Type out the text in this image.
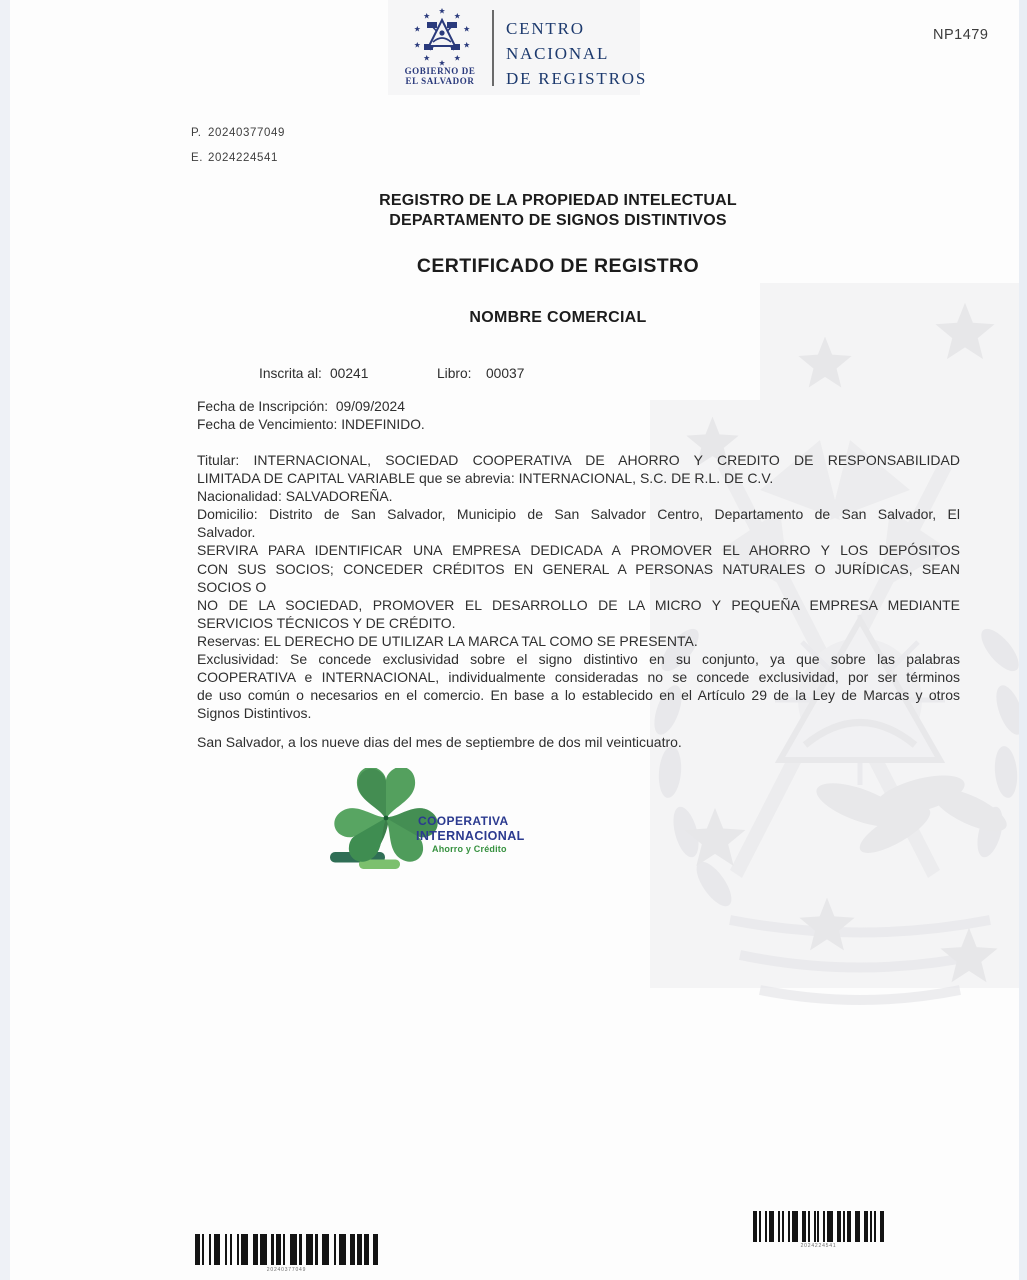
GOBIERNO DE
EL SALVADOR
CENTRO
NACIONAL
DE REGISTROS
NP1479
P. 20240377049
E. 2024224541
REGISTRO DE LA PROPIEDAD INTELECTUAL
DEPARTAMENTO DE SIGNOS DISTINTIVOS
CERTIFICADO DE REGISTRO
NOMBRE COMERCIAL
Inscrita al: 00241	Libro: 00037
Fecha de Inscripción: 09/09/2024
Fecha de Vencimiento: INDEFINIDO.
Titular: INTERNACIONAL, SOCIEDAD COOPERATIVA DE AHORRO Y CREDITO DE RESPONSABILIDAD
LIMITADA DE CAPITAL VARIABLE que se abrevia: INTERNACIONAL, S.C. DE R.L. DE C.V.
Nacionalidad: SALVADOREÑA.
Domicilio: Distrito de San Salvador, Municipio de San Salvador Centro, Departamento de San Salvador, El
Salvador.
SERVIRA PARA IDENTIFICAR UNA EMPRESA DEDICADA A PROMOVER EL AHORRO Y LOS DEPÓSITOS
CON SUS SOCIOS; CONCEDER CRÉDITOS EN GENERAL A PERSONAS NATURALES O JURÍDICAS, SEAN
SOCIOS O
NO DE LA SOCIEDAD, PROMOVER EL DESARROLLO DE LA MICRO Y PEQUEÑA EMPRESA MEDIANTE
SERVICIOS TÉCNICOS Y DE CRÉDITO.
Reservas: EL DERECHO DE UTILIZAR LA MARCA TAL COMO SE PRESENTA.
Exclusividad: Se concede exclusividad sobre el signo distintivo en su conjunto, ya que sobre las palabras
COOPERATIVA e INTERNACIONAL, individualmente consideradas no se concede exclusividad, por ser términos
de uso común o necesarios en el comercio. En base a lo establecido en el Artículo 29 de la Ley de Marcas y otros
Signos Distintivos.
San Salvador, a los nueve dias del mes de septiembre de dos mil veinticuatro.
COOPERATIVA
INTERNACIONAL
Ahorro y Crédito
20240377049
2024224541
